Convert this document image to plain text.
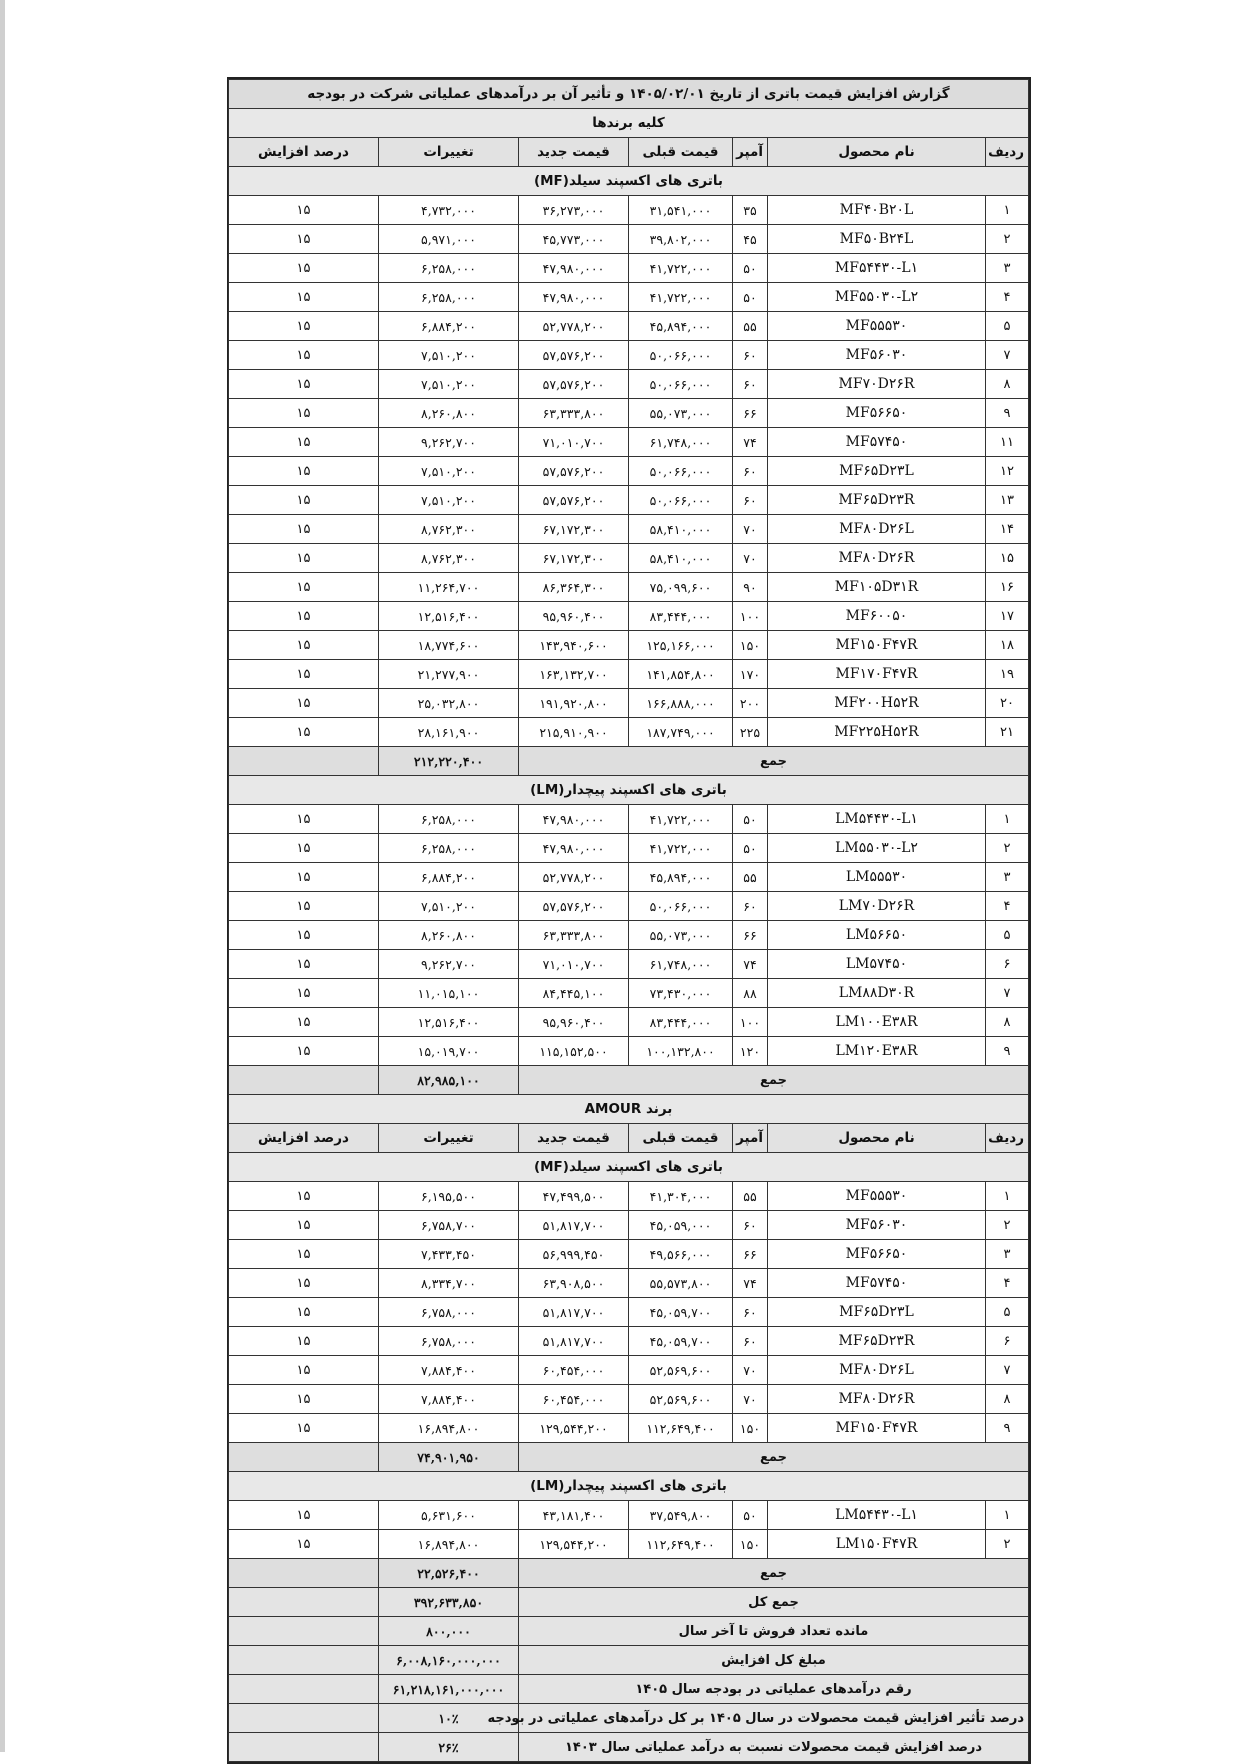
گزارش افزایش قیمت باتری از تاریخ ۱۴۰۵/۰۲/۰۱ و تأثیر آن بر درآمدهای عملیاتی شرکت در بودجه						
کلیه برندها						
ردیف	نام محصول	آمپر	قیمت قبلی	قیمت جدید	تغییرات	درصد افزایش
باتری های اکسپند سیلد(MF)						
۱	MF۴۰B۲۰L	۳۵	۳۱,۵۴۱,۰۰۰	۳۶,۲۷۳,۰۰۰	۴,۷۳۲,۰۰۰	۱۵
۲	MF۵۰B۲۴L	۴۵	۳۹,۸۰۲,۰۰۰	۴۵,۷۷۳,۰۰۰	۵,۹۷۱,۰۰۰	۱۵
۳	MF۵۴۴۳۰-L۱	۵۰	۴۱,۷۲۲,۰۰۰	۴۷,۹۸۰,۰۰۰	۶,۲۵۸,۰۰۰	۱۵
۴	MF۵۵۰۳۰-L۲	۵۰	۴۱,۷۲۲,۰۰۰	۴۷,۹۸۰,۰۰۰	۶,۲۵۸,۰۰۰	۱۵
۵	MF۵۵۵۳۰	۵۵	۴۵,۸۹۴,۰۰۰	۵۲,۷۷۸,۲۰۰	۶,۸۸۴,۲۰۰	۱۵
۷	MF۵۶۰۳۰	۶۰	۵۰,۰۶۶,۰۰۰	۵۷,۵۷۶,۲۰۰	۷,۵۱۰,۲۰۰	۱۵
۸	MF۷۰D۲۶R	۶۰	۵۰,۰۶۶,۰۰۰	۵۷,۵۷۶,۲۰۰	۷,۵۱۰,۲۰۰	۱۵
۹	MF۵۶۶۵۰	۶۶	۵۵,۰۷۳,۰۰۰	۶۳,۳۳۳,۸۰۰	۸,۲۶۰,۸۰۰	۱۵
۱۱	MF۵۷۴۵۰	۷۴	۶۱,۷۴۸,۰۰۰	۷۱,۰۱۰,۷۰۰	۹,۲۶۲,۷۰۰	۱۵
۱۲	MF۶۵D۲۳L	۶۰	۵۰,۰۶۶,۰۰۰	۵۷,۵۷۶,۲۰۰	۷,۵۱۰,۲۰۰	۱۵
۱۳	MF۶۵D۲۳R	۶۰	۵۰,۰۶۶,۰۰۰	۵۷,۵۷۶,۲۰۰	۷,۵۱۰,۲۰۰	۱۵
۱۴	MF۸۰D۲۶L	۷۰	۵۸,۴۱۰,۰۰۰	۶۷,۱۷۲,۳۰۰	۸,۷۶۲,۳۰۰	۱۵
۱۵	MF۸۰D۲۶R	۷۰	۵۸,۴۱۰,۰۰۰	۶۷,۱۷۲,۳۰۰	۸,۷۶۲,۳۰۰	۱۵
۱۶	MF۱۰۵D۳۱R	۹۰	۷۵,۰۹۹,۶۰۰	۸۶,۳۶۴,۳۰۰	۱۱,۲۶۴,۷۰۰	۱۵
۱۷	MF۶۰۰۵۰	۱۰۰	۸۳,۴۴۴,۰۰۰	۹۵,۹۶۰,۴۰۰	۱۲,۵۱۶,۴۰۰	۱۵
۱۸	MF۱۵۰F۴۷R	۱۵۰	۱۲۵,۱۶۶,۰۰۰	۱۴۳,۹۴۰,۶۰۰	۱۸,۷۷۴,۶۰۰	۱۵
۱۹	MF۱۷۰F۴۷R	۱۷۰	۱۴۱,۸۵۴,۸۰۰	۱۶۳,۱۳۲,۷۰۰	۲۱,۲۷۷,۹۰۰	۱۵
۲۰	MF۲۰۰H۵۲R	۲۰۰	۱۶۶,۸۸۸,۰۰۰	۱۹۱,۹۲۰,۸۰۰	۲۵,۰۳۲,۸۰۰	۱۵
۲۱	MF۲۲۵H۵۲R	۲۲۵	۱۸۷,۷۴۹,۰۰۰	۲۱۵,۹۱۰,۹۰۰	۲۸,۱۶۱,۹۰۰	۱۵
جمع					۲۱۲,۲۲۰,۴۰۰	
باتری های اکسپند پیچدار(LM)						
۱	LM۵۴۴۳۰-L۱	۵۰	۴۱,۷۲۲,۰۰۰	۴۷,۹۸۰,۰۰۰	۶,۲۵۸,۰۰۰	۱۵
۲	LM۵۵۰۳۰-L۲	۵۰	۴۱,۷۲۲,۰۰۰	۴۷,۹۸۰,۰۰۰	۶,۲۵۸,۰۰۰	۱۵
۳	LM۵۵۵۳۰	۵۵	۴۵,۸۹۴,۰۰۰	۵۲,۷۷۸,۲۰۰	۶,۸۸۴,۲۰۰	۱۵
۴	LM۷۰D۲۶R	۶۰	۵۰,۰۶۶,۰۰۰	۵۷,۵۷۶,۲۰۰	۷,۵۱۰,۲۰۰	۱۵
۵	LM۵۶۶۵۰	۶۶	۵۵,۰۷۳,۰۰۰	۶۳,۳۳۳,۸۰۰	۸,۲۶۰,۸۰۰	۱۵
۶	LM۵۷۴۵۰	۷۴	۶۱,۷۴۸,۰۰۰	۷۱,۰۱۰,۷۰۰	۹,۲۶۲,۷۰۰	۱۵
۷	LM۸۸D۳۰R	۸۸	۷۳,۴۳۰,۰۰۰	۸۴,۴۴۵,۱۰۰	۱۱,۰۱۵,۱۰۰	۱۵
۸	LM۱۰۰E۳۸R	۱۰۰	۸۳,۴۴۴,۰۰۰	۹۵,۹۶۰,۴۰۰	۱۲,۵۱۶,۴۰۰	۱۵
۹	LM۱۲۰E۳۸R	۱۲۰	۱۰۰,۱۳۲,۸۰۰	۱۱۵,۱۵۲,۵۰۰	۱۵,۰۱۹,۷۰۰	۱۵
جمع					۸۲,۹۸۵,۱۰۰	
برند AMOUR						
ردیف	نام محصول	آمپر	قیمت قبلی	قیمت جدید	تغییرات	درصد افزایش
باتری های اکسپند سیلد(MF)						
۱	MF۵۵۵۳۰	۵۵	۴۱,۳۰۴,۰۰۰	۴۷,۴۹۹,۵۰۰	۶,۱۹۵,۵۰۰	۱۵
۲	MF۵۶۰۳۰	۶۰	۴۵,۰۵۹,۰۰۰	۵۱,۸۱۷,۷۰۰	۶,۷۵۸,۷۰۰	۱۵
۳	MF۵۶۶۵۰	۶۶	۴۹,۵۶۶,۰۰۰	۵۶,۹۹۹,۴۵۰	۷,۴۳۳,۴۵۰	۱۵
۴	MF۵۷۴۵۰	۷۴	۵۵,۵۷۳,۸۰۰	۶۳,۹۰۸,۵۰۰	۸,۳۳۴,۷۰۰	۱۵
۵	MF۶۵D۲۳L	۶۰	۴۵,۰۵۹,۷۰۰	۵۱,۸۱۷,۷۰۰	۶,۷۵۸,۰۰۰	۱۵
۶	MF۶۵D۲۳R	۶۰	۴۵,۰۵۹,۷۰۰	۵۱,۸۱۷,۷۰۰	۶,۷۵۸,۰۰۰	۱۵
۷	MF۸۰D۲۶L	۷۰	۵۲,۵۶۹,۶۰۰	۶۰,۴۵۴,۰۰۰	۷,۸۸۴,۴۰۰	۱۵
۸	MF۸۰D۲۶R	۷۰	۵۲,۵۶۹,۶۰۰	۶۰,۴۵۴,۰۰۰	۷,۸۸۴,۴۰۰	۱۵
۹	MF۱۵۰F۴۷R	۱۵۰	۱۱۲,۶۴۹,۴۰۰	۱۲۹,۵۴۴,۲۰۰	۱۶,۸۹۴,۸۰۰	۱۵
جمع					۷۴,۹۰۱,۹۵۰	
باتری های اکسپند پیچدار(LM)						
۱	LM۵۴۴۳۰-L۱	۵۰	۳۷,۵۴۹,۸۰۰	۴۳,۱۸۱,۴۰۰	۵,۶۳۱,۶۰۰	۱۵
۲	LM۱۵۰F۴۷R	۱۵۰	۱۱۲,۶۴۹,۴۰۰	۱۲۹,۵۴۴,۲۰۰	۱۶,۸۹۴,۸۰۰	۱۵
جمع					۲۲,۵۲۶,۴۰۰	
جمع کل					۳۹۲,۶۳۳,۸۵۰	
مانده تعداد فروش تا آخر سال					۸۰۰,۰۰۰	
مبلغ کل افزایش					۶,۰۰۸,۱۶۰,۰۰۰,۰۰۰	
رقم درآمدهای عملیاتی در بودجه سال ۱۴۰۵					۶۱,۲۱۸,۱۶۱,۰۰۰,۰۰۰	
درصد تأثیر افزایش قیمت محصولات در سال ۱۴۰۵ بر کل درآمدهای عملیاتی در بودجه					۱۰٪	
درصد افزایش قیمت محصولات نسبت به درآمد عملیاتی سال ۱۴۰۳					۲۶٪	
